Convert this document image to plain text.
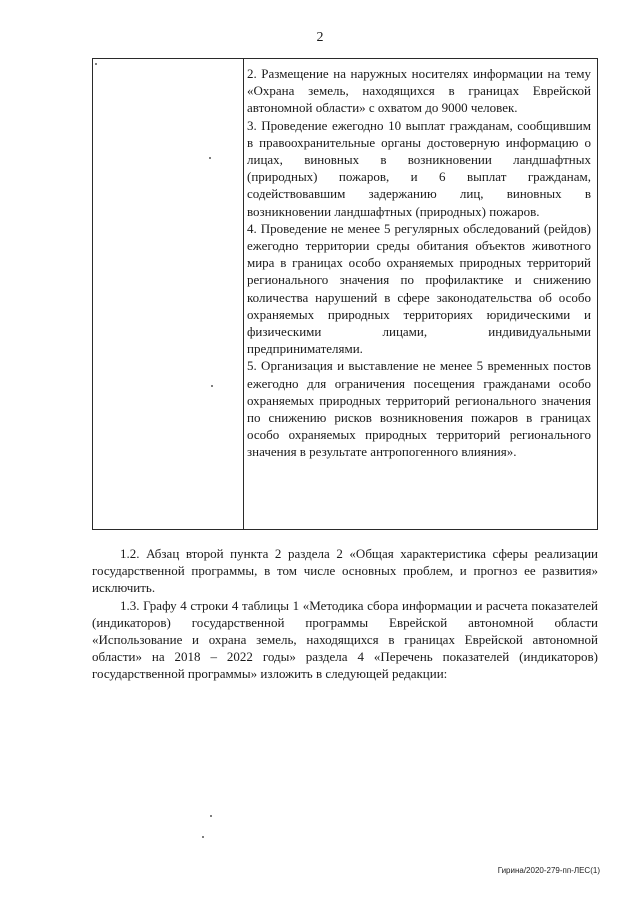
2

2. Размещение на наружных носителях информации на тему «Охрана земель, находящихся в границах Еврейской автономной области» с охватом до 9000 человек.

3. Проведение ежегодно 10 выплат гражданам, сообщившим в правоохранительные органы достоверную информацию о лицах, виновных в возникновении ландшафтных (природных) пожаров, и 6 выплат гражданам, содействовавшим задержанию лиц, виновных в возникновении ландшафтных (природных) пожаров.

4. Проведение не менее 5 регулярных обследований (рейдов) ежегодно территории среды обитания объектов животного мира в границах особо охраняемых природных территорий регионального значения по профилактике и снижению количества нарушений в сфере законодательства об особо охраняемых природных территориях юридическими и физическими лицами, индивидуальными предпринимателями.

5. Организация и выставление не менее 5 временных постов ежегодно для ограничения посещения гражданами особо охраняемых природных территорий регионального значения по снижению рисков возникновения пожаров в границах особо охраняемых природных территорий регионального значения в результате антропогенного влияния».

1.2. Абзац второй пункта 2 раздела 2 «Общая характеристика сферы реализации государственной программы, в том числе основных проблем, и прогноз ее развития» исключить.

1.3. Графу 4 строки 4 таблицы 1 «Методика сбора информации и расчета показателей (индикаторов) государственной программы Еврейской автономной области «Использование и охрана земель, находящихся в границах Еврейской автономной области» на 2018 – 2022 годы» раздела 4 «Перечень показателей (индикаторов) государственной программы» изложить в следующей редакции:

Гирина/2020-279-пп-ЛЕС(1)
